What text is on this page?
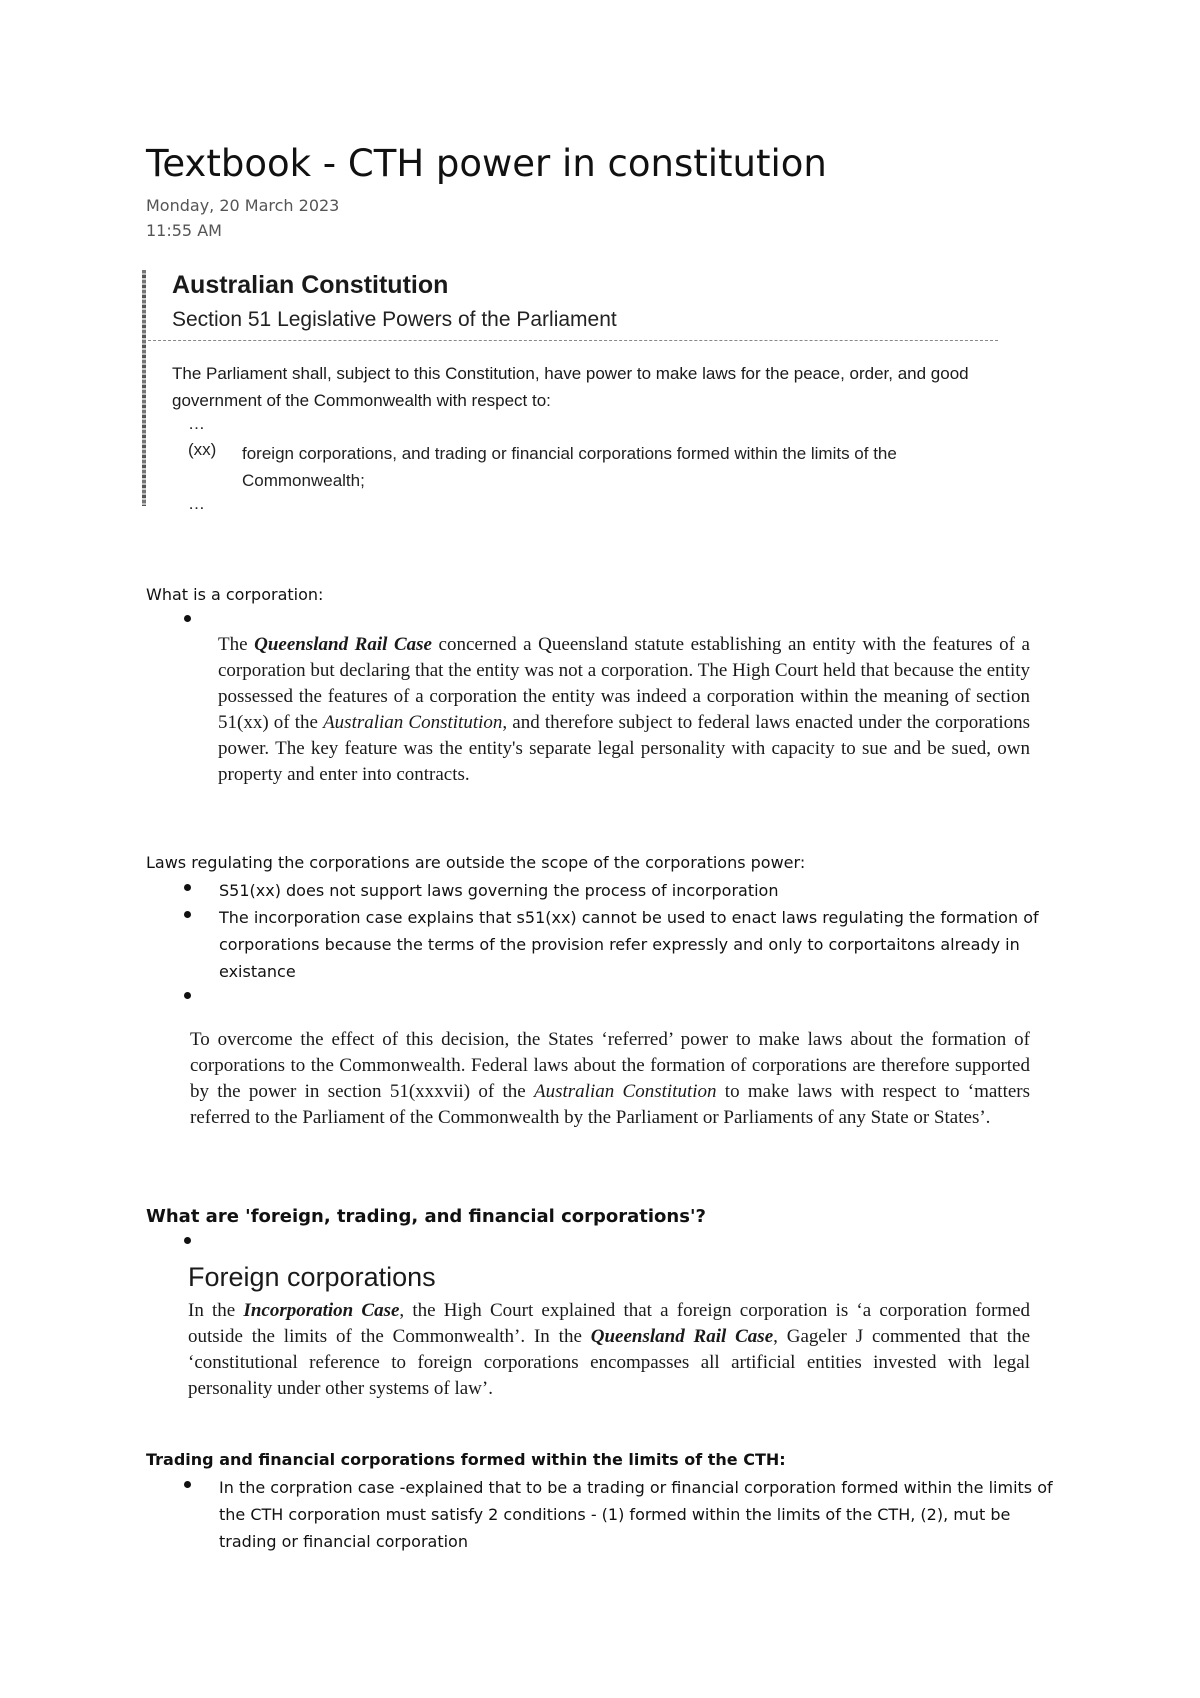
Textbook - CTH power in constitution
Monday, 20 March 2023
11:55 AM
Australian Constitution
Section 51 Legislative Powers of the Parliament
The Parliament shall, subject to this Constitution, have power to make laws for the peace, order, and good government of the Commonwealth with respect to:
…
(xx) foreign corporations, and trading or financial corporations formed within the limits of the Commonwealth;
…
What is a corporation:
The Queensland Rail Case concerned a Queensland statute establishing an entity with the features of a corporation but declaring that the entity was not a corporation. The High Court held that because the entity possessed the features of a corporation the entity was indeed a corporation within the meaning of section 51(xx) of the Australian Constitution, and therefore subject to federal laws enacted under the corporations power. The key feature was the entity's separate legal personality with capacity to sue and be sued, own property and enter into contracts.
Laws regulating the corporations are outside the scope of the corporations power:
S51(xx) does not support laws governing the process of incorporation
The incorporation case explains that s51(xx) cannot be used to enact laws regulating the formation of corporations because the terms of the provision refer expressly and only to corportaitons already in existance
To overcome the effect of this decision, the States ‘referred’ power to make laws about the formation of corporations to the Commonwealth. Federal laws about the formation of corporations are therefore supported by the power in section 51(xxxvii) of the Australian Constitution to make laws with respect to ‘matters referred to the Parliament of the Commonwealth by the Parliament or Parliaments of any State or States’.
What are 'foreign, trading, and financial corporations'?
Foreign corporations
In the Incorporation Case, the High Court explained that a foreign corporation is ‘a corporation formed outside the limits of the Commonwealth’. In the Queensland Rail Case, Gageler J commented that the ‘constitutional reference to foreign corporations encompasses all artificial entities invested with legal personality under other systems of law’.
Trading and financial corporations formed within the limits of the CTH:
In the corpration case -explained that to be a trading or financial corporation formed within the limits of the CTH corporation must satisfy 2 conditions - (1) formed within the limits of the CTH, (2), mut be trading or financial corporation
